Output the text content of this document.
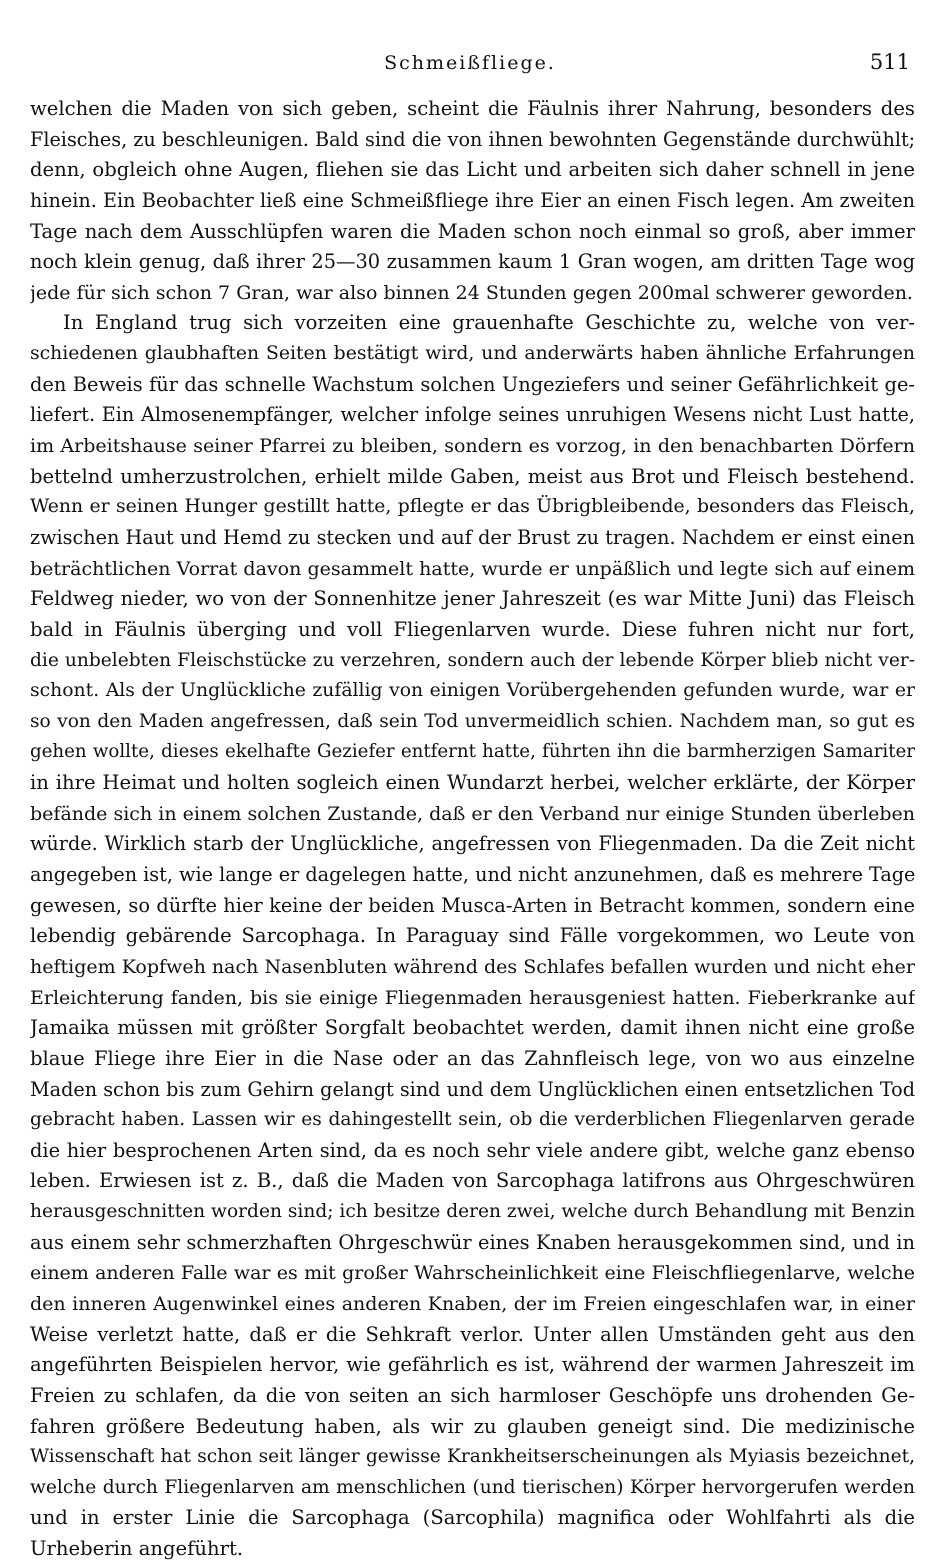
Schmeißfliege.	511
welchen die Maden von sich geben, scheint die Fäulnis ihrer Nahrung, besonders des
Fleisches, zu beschleunigen. Bald sind die von ihnen bewohnten Gegenstände durchwühlt;
denn, obgleich ohne Augen, fliehen sie das Licht und arbeiten sich daher schnell in jene
hinein. Ein Beobachter ließ eine Schmeißfliege ihre Eier an einen Fisch legen. Am zweiten
Tage nach dem Ausschlüpfen waren die Maden schon noch einmal so groß, aber immer
noch klein genug, daß ihrer 25—30 zusammen kaum 1 Gran wogen, am dritten Tage wog
jede für sich schon 7 Gran, war also binnen 24 Stunden gegen 200mal schwerer geworden.
In England trug sich vorzeiten eine grauenhafte Geschichte zu, welche von ver-
schiedenen glaubhaften Seiten bestätigt wird, und anderwärts haben ähnliche Erfahrungen
den Beweis für das schnelle Wachstum solchen Ungeziefers und seiner Gefährlichkeit ge-
liefert. Ein Almosenempfänger, welcher infolge seines unruhigen Wesens nicht Lust hatte,
im Arbeitshause seiner Pfarrei zu bleiben, sondern es vorzog, in den benachbarten Dörfern
bettelnd umherzustrolchen, erhielt milde Gaben, meist aus Brot und Fleisch bestehend.
Wenn er seinen Hunger gestillt hatte, pflegte er das Übrigbleibende, besonders das Fleisch,
zwischen Haut und Hemd zu stecken und auf der Brust zu tragen. Nachdem er einst einen
beträchtlichen Vorrat davon gesammelt hatte, wurde er unpäßlich und legte sich auf einem
Feldweg nieder, wo von der Sonnenhitze jener Jahreszeit (es war Mitte Juni) das Fleisch
bald in Fäulnis überging und voll Fliegenlarven wurde. Diese fuhren nicht nur fort,
die unbelebten Fleischstücke zu verzehren, sondern auch der lebende Körper blieb nicht ver-
schont. Als der Unglückliche zufällig von einigen Vorübergehenden gefunden wurde, war er
so von den Maden angefressen, daß sein Tod unvermeidlich schien. Nachdem man, so gut es
gehen wollte, dieses ekelhafte Geziefer entfernt hatte, führten ihn die barmherzigen Samariter
in ihre Heimat und holten sogleich einen Wundarzt herbei, welcher erklärte, der Körper
befände sich in einem solchen Zustande, daß er den Verband nur einige Stunden überleben
würde. Wirklich starb der Unglückliche, angefressen von Fliegenmaden. Da die Zeit nicht
angegeben ist, wie lange er dagelegen hatte, und nicht anzunehmen, daß es mehrere Tage
gewesen, so dürfte hier keine der beiden Musca-Arten in Betracht kommen, sondern eine
lebendig gebärende Sarcophaga. In Paraguay sind Fälle vorgekommen, wo Leute von
heftigem Kopfweh nach Nasenbluten während des Schlafes befallen wurden und nicht eher
Erleichterung fanden, bis sie einige Fliegenmaden herausgeniest hatten. Fieberkranke auf
Jamaika müssen mit größter Sorgfalt beobachtet werden, damit ihnen nicht eine große
blaue Fliege ihre Eier in die Nase oder an das Zahnfleisch lege, von wo aus einzelne
Maden schon bis zum Gehirn gelangt sind und dem Unglücklichen einen entsetzlichen Tod
gebracht haben. Lassen wir es dahingestellt sein, ob die verderblichen Fliegenlarven gerade
die hier besprochenen Arten sind, da es noch sehr viele andere gibt, welche ganz ebenso
leben. Erwiesen ist z. B., daß die Maden von Sarcophaga latifrons aus Ohrgeschwüren
herausgeschnitten worden sind; ich besitze deren zwei, welche durch Behandlung mit Benzin
aus einem sehr schmerzhaften Ohrgeschwür eines Knaben herausgekommen sind, und in
einem anderen Falle war es mit großer Wahrscheinlichkeit eine Fleischfliegenlarve, welche
den inneren Augenwinkel eines anderen Knaben, der im Freien eingeschlafen war, in einer
Weise verletzt hatte, daß er die Sehkraft verlor. Unter allen Umständen geht aus den
angeführten Beispielen hervor, wie gefährlich es ist, während der warmen Jahreszeit im
Freien zu schlafen, da die von seiten an sich harmloser Geschöpfe uns drohenden Ge-
fahren größere Bedeutung haben, als wir zu glauben geneigt sind. Die medizinische
Wissenschaft hat schon seit länger gewisse Krankheitserscheinungen als Myiasis bezeichnet,
welche durch Fliegenlarven am menschlichen (und tierischen) Körper hervorgerufen werden
und in erster Linie die Sarcophaga (Sarcophila) magnifica oder Wohlfahrti als die
Urheberin angeführt.
